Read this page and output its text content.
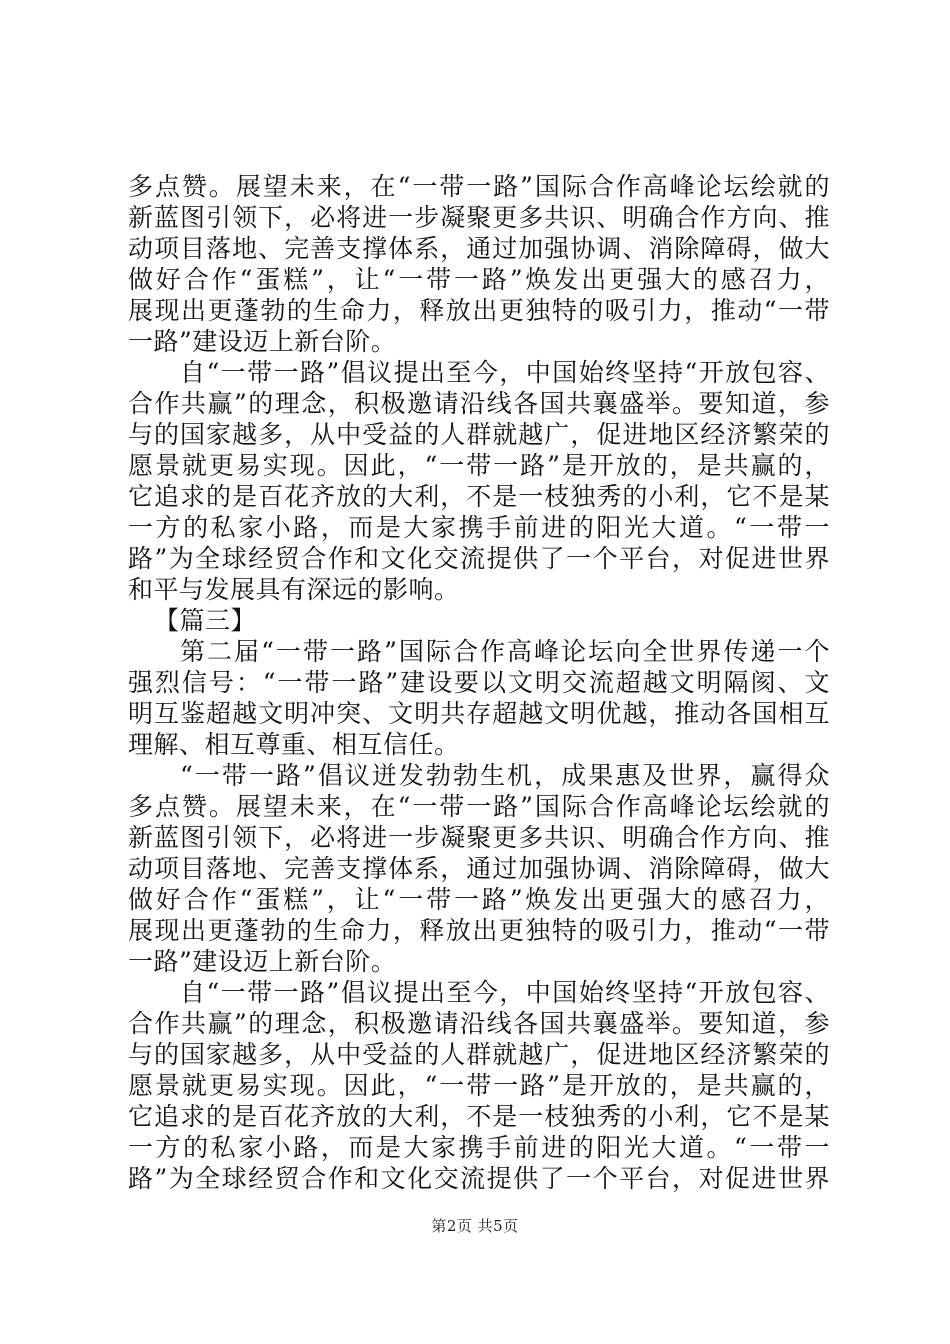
多点赞。展望未来，在“一带一路”国际合作高峰论坛绘就的
新蓝图引领下，必将进一步凝聚更多共识、明确合作方向、推
动项目落地、完善支撑体系，通过加强协调、消除障碍，做大
做好合作“蛋糕”，让“一带一路”焕发出更强大的感召力，
展现出更蓬勃的生命力，释放出更独特的吸引力，推动“一带
一路”建设迈上新台阶。
自“一带一路”倡议提出至今，中国始终坚持“开放包容、
合作共赢”的理念，积极邀请沿线各国共襄盛举。要知道，参
与的国家越多，从中受益的人群就越广，促进地区经济繁荣的
愿景就更易实现。因此，“一带一路”是开放的，是共赢的，
它追求的是百花齐放的大利，不是一枝独秀的小利，它不是某
一方的私家小路，而是大家携手前进的阳光大道。“一带一
路”为全球经贸合作和文化交流提供了一个平台，对促进世界
和平与发展具有深远的影响。
【篇三】
第二届“一带一路”国际合作高峰论坛向全世界传递一个
强烈信号：“一带一路”建设要以文明交流超越文明隔阂、文
明互鉴超越文明冲突、文明共存超越文明优越，推动各国相互
理解、相互尊重、相互信任。
“一带一路”倡议迸发勃勃生机，成果惠及世界，赢得众
多点赞。展望未来，在“一带一路”国际合作高峰论坛绘就的
新蓝图引领下，必将进一步凝聚更多共识、明确合作方向、推
动项目落地、完善支撑体系，通过加强协调、消除障碍，做大
做好合作“蛋糕”，让“一带一路”焕发出更强大的感召力，
展现出更蓬勃的生命力，释放出更独特的吸引力，推动“一带
一路”建设迈上新台阶。
自“一带一路”倡议提出至今，中国始终坚持“开放包容、
合作共赢”的理念，积极邀请沿线各国共襄盛举。要知道，参
与的国家越多，从中受益的人群就越广，促进地区经济繁荣的
愿景就更易实现。因此，“一带一路”是开放的，是共赢的，
它追求的是百花齐放的大利，不是一枝独秀的小利，它不是某
一方的私家小路，而是大家携手前进的阳光大道。“一带一
路”为全球经贸合作和文化交流提供了一个平台，对促进世界
第2页 共5页
